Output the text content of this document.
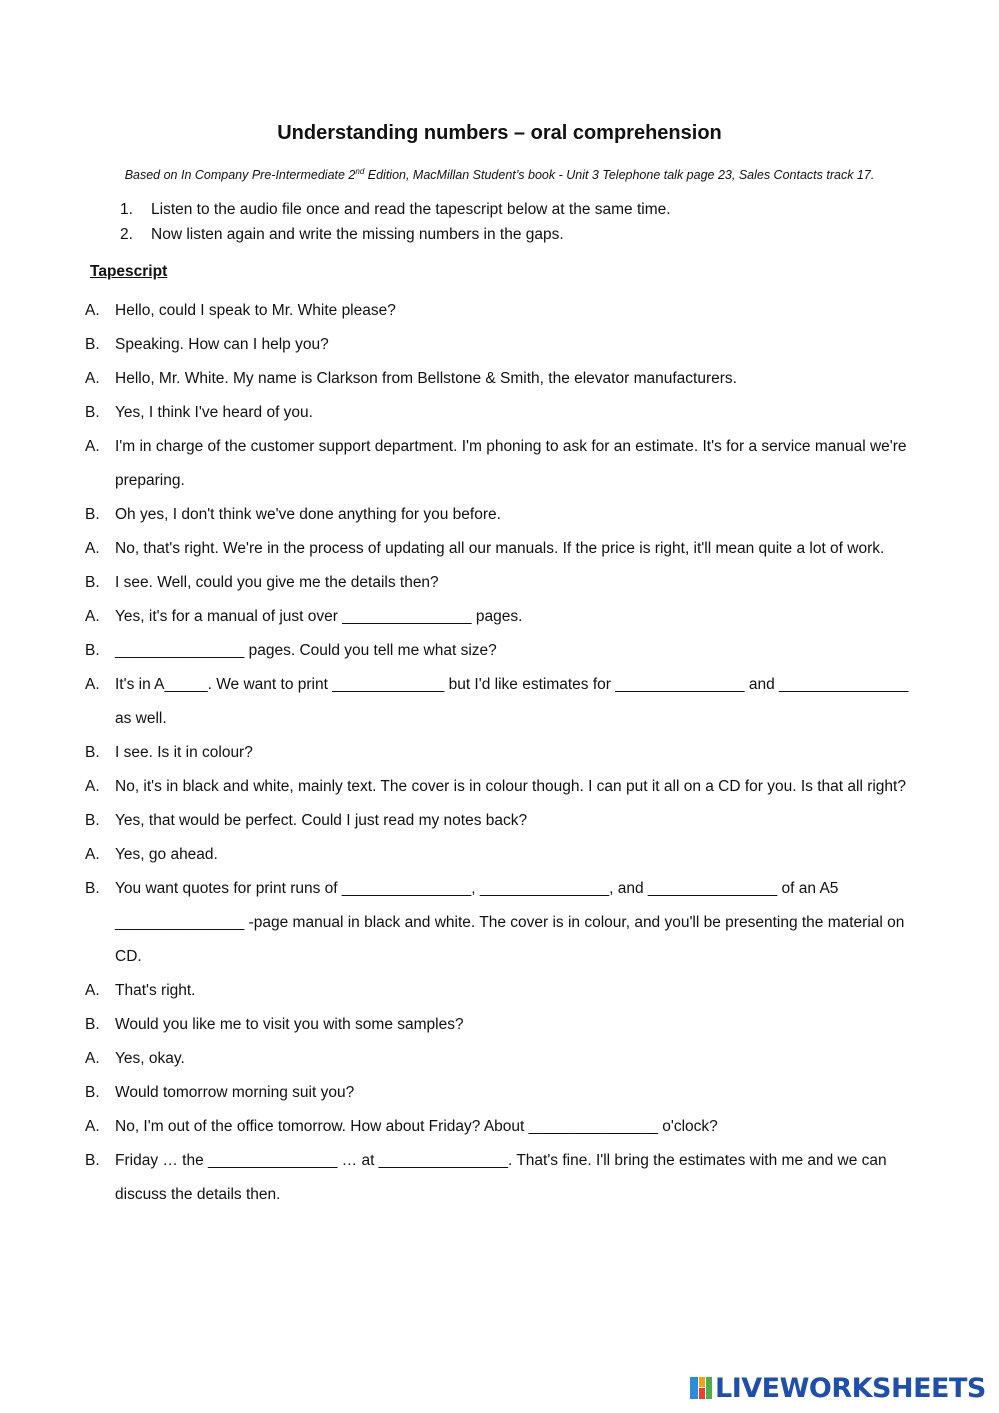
Understanding numbers – oral comprehension
Based on In Company Pre-Intermediate 2nd Edition, MacMillan Student’s book - Unit 3 Telephone talk page 23, Sales Contacts track 17.
1. Listen to the audio file once and read the tapescript below at the same time.
2. Now listen again and write the missing numbers in the gaps.
Tapescript
A. Hello, could I speak to Mr. White please?
B. Speaking. How can I help you?
A. Hello, Mr. White. My name is Clarkson from Bellstone & Smith, the elevator manufacturers.
B. Yes, I think I've heard of you.
A. I'm in charge of the customer support department. I'm phoning to ask for an estimate. It's for a service manual we're preparing.
B. Oh yes, I don't think we've done anything for you before.
A. No, that's right. We're in the process of updating all our manuals. If the price is right, it'll mean quite a lot of work.
B. I see. Well, could you give me the details then?
A. Yes, it's for a manual of just over _______________ pages.
B. _______________ pages. Could you tell me what size?
A. It's in A_____. We want to print _____________ but I'd like estimates for _______________ and _______________ as well.
B. I see. Is it in colour?
A. No, it's in black and white, mainly text. The cover is in colour though. I can put it all on a CD for you. Is that all right?
B. Yes, that would be perfect. Could I just read my notes back?
A. Yes, go ahead.
B. You want quotes for print runs of _______________, _______________, and _______________ of an A5 _______________ -page manual in black and white. The cover is in colour, and you'll be presenting the material on CD.
A. That's right.
B. Would you like me to visit you with some samples?
A. Yes, okay.
B. Would tomorrow morning suit you?
A. No, I'm out of the office tomorrow. How about Friday? About _______________ o'clock?
B. Friday … the _______________ … at _______________. That's fine. I'll bring the estimates with me and we can discuss the details then.
LIVEWORKSHEETS
